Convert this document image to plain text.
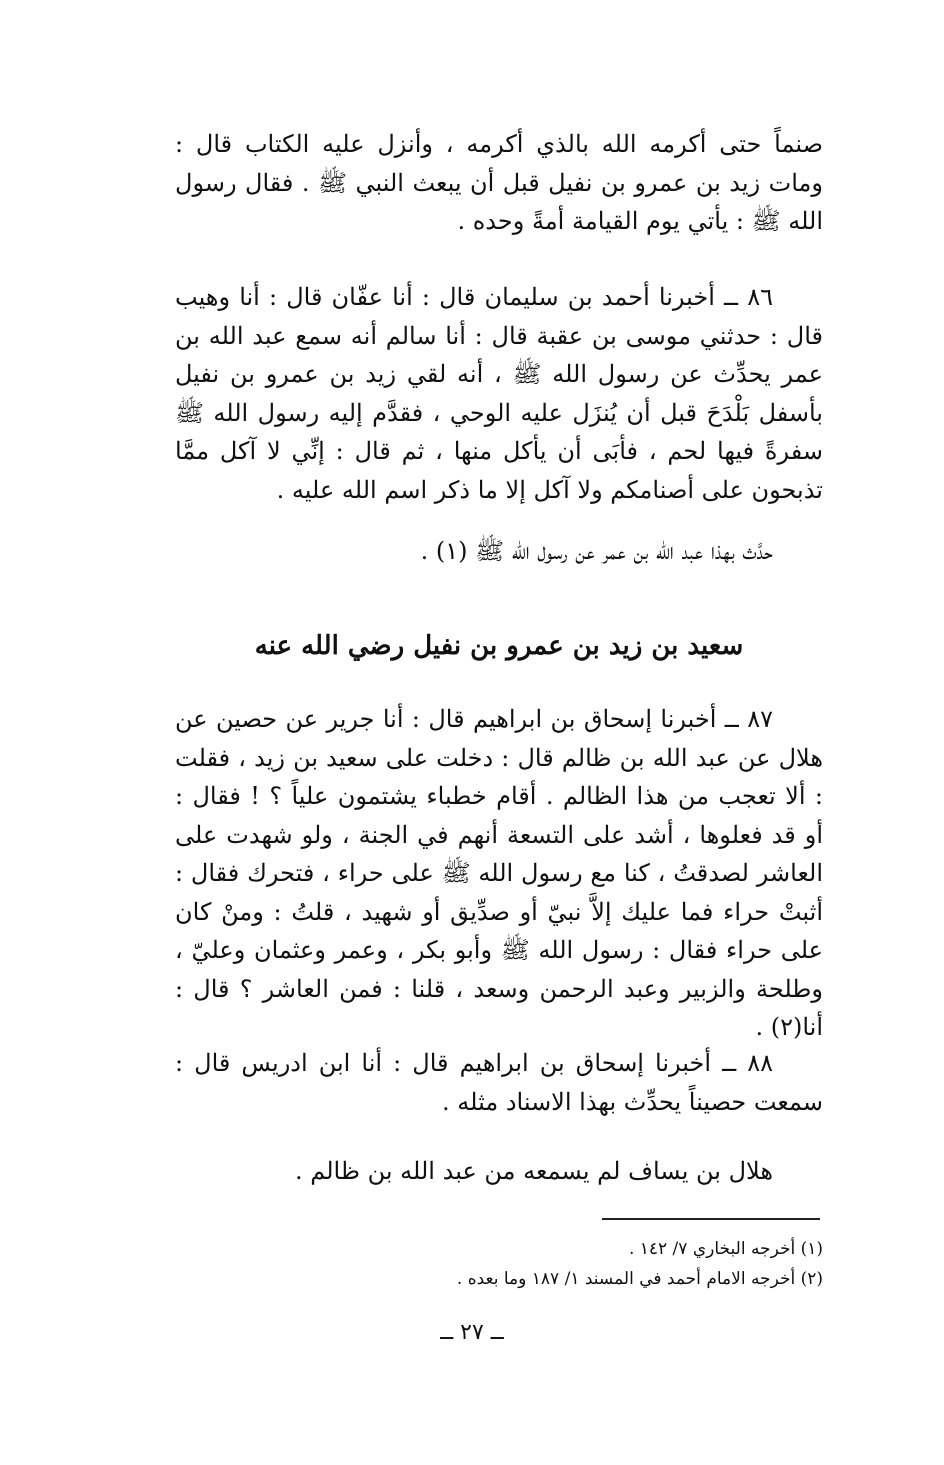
صنماً حتى أكرمه الله بالذي أكرمه ، وأنزل عليه الكتاب قال : ومات زيد بن عمرو بن نفيل قبل أن يبعث النبي ﷺ . فقال رسول الله ﷺ : يأتي يوم القيامة أمةً وحده .

٨٦ ــ أخبرنا أحمد بن سليمان قال : أنا عفّان قال : أنا وهيب قال : حدثني موسى بن عقبة قال : أنا سالم أنه سمع عبد الله بن عمر يحدِّث عن رسول الله ﷺ ، أنه لقي زيد بن عمرو بن نفيل بأسفل بَلْدَحَ قبل أن يُنزَل عليه الوحي ، فقدَّم إليه رسول الله ﷺ سفرةً فيها لحم ، فأبَى أن يأكل منها ، ثم قال : إنِّي لا آكل ممَّا تذبحون على أصنامكم ولا آكل إلا ما ذكر اسم الله عليه .

حدَّث بهذا عبد الله بن عمر عن رسول الله ﷺ (١) .

سعيد بن زيد بن عمرو بن نفيل رضي الله عنه

٨٧ ــ أخبرنا إسحاق بن ابراهيم قال : أنا جرير عن حصين عن هلال عن عبد الله بن ظالم قال : دخلت على سعيد بن زيد ، فقلت : ألا تعجب من هذا الظالم . أقام خطباء يشتمون علياً ؟ ! فقال : أو قد فعلوها ، أشد على التسعة أنهم في الجنة ، ولو شهدت على العاشر لصدقتُ ، كنا مع رسول الله ﷺ على حراء ، فتحرك فقال : أثبتْ حراء فما عليك إلاَّ نبيّ أو صدِّيق أو شهيد ، قلتُ : ومنْ كان على حراء فقال : رسول الله ﷺ وأبو بكر ، وعمر وعثمان وعليّ ، وطلحة والزبير وعبد الرحمن وسعد ، قلنا : فمن العاشر ؟ قال : أنا(٢) .

٨٨ ــ أخبرنا إسحاق بن ابراهيم قال : أنا ابن ادريس قال : سمعت حصيناً يحدِّث بهذا الاسناد مثله .

هلال بن يساف لم يسمعه من عبد الله بن ظالم .

(١) أخرجه البخاري ٧/ ١٤٢ .

(٢) أخرجه الامام أحمد في المسند ١/ ١٨٧ وما بعده .

ــ ٢٧ ــ
